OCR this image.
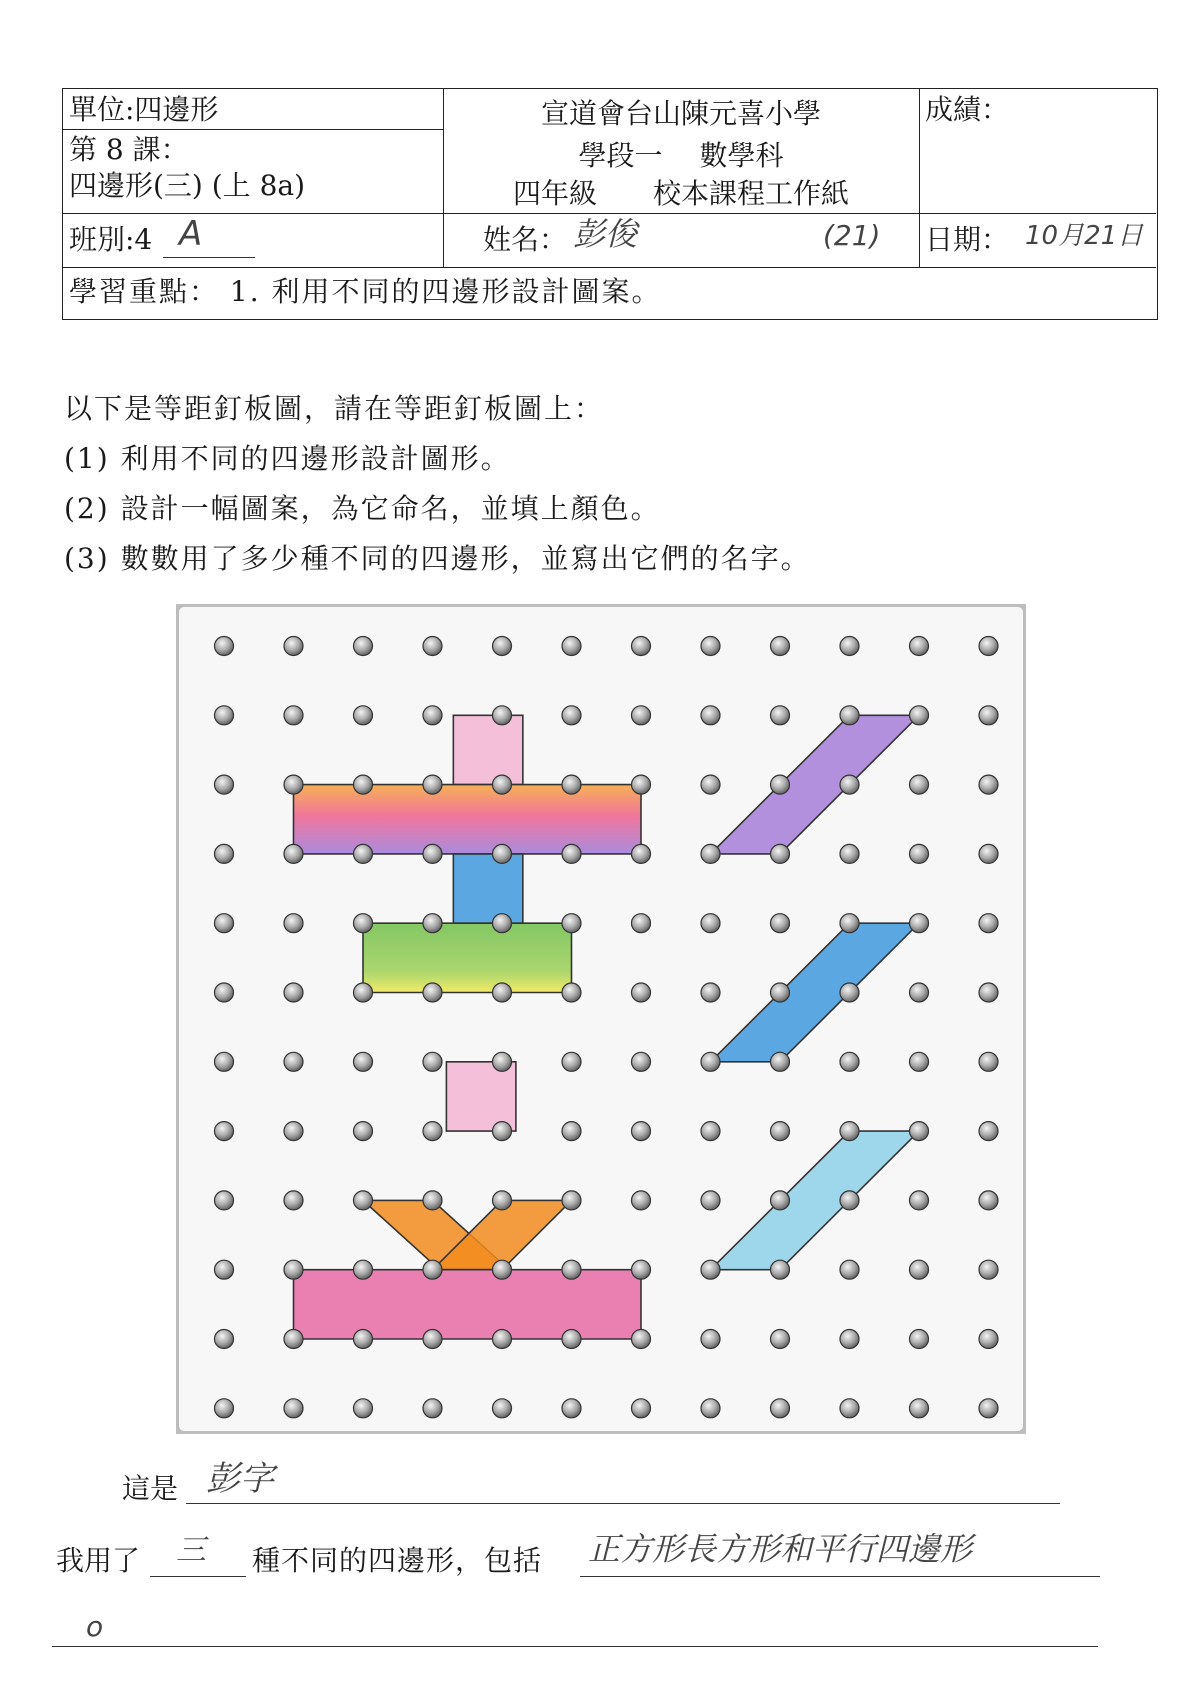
單位:四邊形
第 8 課：
四邊形(三) (上 8a)
宣道會台山陳元喜小學
學段一　 數學科
四年級　　校本課程工作紙
成績：
班別:4 A	姓名： 彭俊	(21) 日期： 10月21日
學習重點： 1. 利用不同的四邊形設計圖案。
以下是等距釘板圖，請在等距釘板圖上：
(1) 利用不同的四邊形設計圖形。
(2) 設計一幅圖案，為它命名，並填上顏色。
(3) 數數用了多少種不同的四邊形，並寫出它們的名字。
這是 彭字
我用了 三 種不同的四邊形，包括 正方形長方形和平行四邊形
o
